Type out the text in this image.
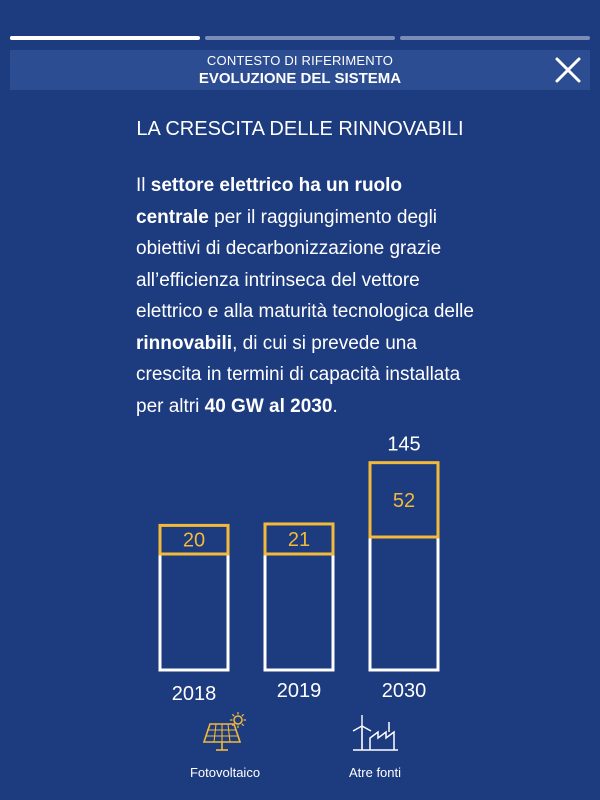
CONTESTO DI RIFERIMENTO
EVOLUZIONE DEL SISTEMA
LA CRESCITA DELLE RINNOVABILI

Il settore elettrico ha un ruolo centrale per il raggiungimento degli obiettivi di decarbonizzazione grazie all’efficienza intrinseca del vettore elettrico e alla maturità tecnologica delle rinnovabili, di cui si prevede una crescita in termini di capacità installata per altri 40 GW al 2030.

20
2018
21
2019
52
145
2030
Fotovoltaico	Atre fonti
